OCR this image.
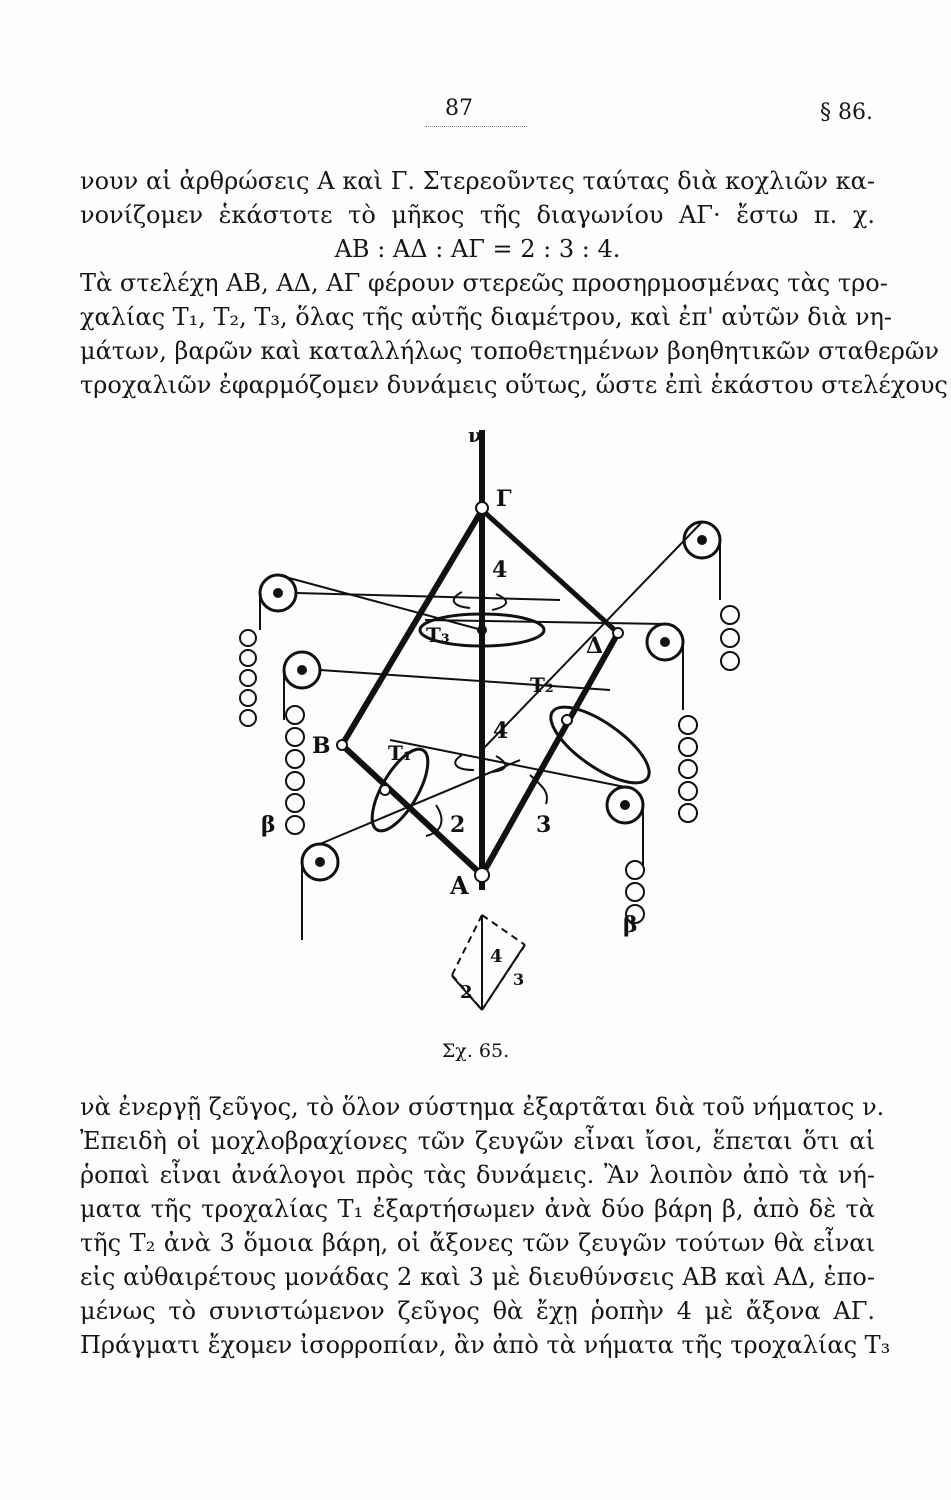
87	§ 86.
νουν αἱ ἀρθρώσεις Α καὶ Γ. Στερεοῦντες ταύτας διὰ κοχλιῶν κα-
νονίζομεν ἑκάστοτε τὸ μῆκος τῆς διαγωνίου ΑΓ· ἔστω π. χ.
ΑΒ : ΑΔ : ΑΓ = 2 : 3 : 4.
Τὰ στελέχη ΑΒ, ΑΔ, ΑΓ φέρουν στερεῶς προσηρμοσμένας τὰς τρο-
χαλίας T₁, T₂, T₃, ὅλας τῆς αὐτῆς διαμέτρου, καὶ ἐπ' αὐτῶν διὰ νη-
μάτων, βαρῶν καὶ καταλλήλως τοποθετημένων βοηθητικῶν σταθερῶν
τροχαλιῶν ἐφαρμόζομεν δυνάμεις οὕτως, ὥστε ἐπὶ ἑκάστου στελέχους
ν
Γ
4
T₃	Δ
T₂
4
Β	T₁
2	3
β
β
Α
4
2
3
Σχ. 65.
νὰ ἐνεργῇ ζεῦγος, τὸ ὅλον σύστημα ἐξαρτᾶται διὰ τοῦ νήματος ν.
Ἐπειδὴ οἱ μοχλοβραχίονες τῶν ζευγῶν εἶναι ἴσοι, ἕπεται ὅτι αἱ
ῥοπαὶ εἶναι ἀνάλογοι πρὸς τὰς δυνάμεις. Ἂν λοιπὸν ἀπὸ τὰ νή-
ματα τῆς τροχαλίας T₁ ἐξαρτήσωμεν ἀνὰ δύο βάρη β, ἀπὸ δὲ τὰ
τῆς T₂ ἀνὰ 3 ὅμοια βάρη, οἱ ἄξονες τῶν ζευγῶν τούτων θὰ εἶναι
εἰς αὐθαιρέτους μονάδας 2 καὶ 3 μὲ διευθύνσεις ΑΒ καὶ ΑΔ, ἑπο-
μένως τὸ συνιστώμενον ζεῦγος θὰ ἔχῃ ῥοπὴν 4 μὲ ἄξονα ΑΓ.
Πράγματι ἔχομεν ἰσορροπίαν, ἂν ἀπὸ τὰ νήματα τῆς τροχαλίας T₃
